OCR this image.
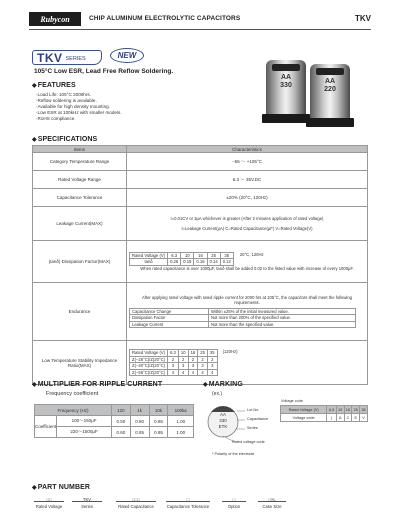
Rubycon	CHIP ALUMINUM ELECTROLYTIC CAPACITORS	TKV
TKV SERIES	NEW
105°C Low ESR, Lead Free Reflow Soldering.
◆FEATURES
·Load Life: 105°C 2000hrs.
·Reflow soldering is available.
·Available for high density mounting.
·Low ESR at 100kHz with smaller models.
·RoHS compliance.
AA
330
AA
220
◆SPECIFICATIONS
Items	Characteristics
Category Temperature Range	−55 ～ +105°C
Rated Voltage Range	6.3 ～ 35V.DC
Capacitance Tolerance	±20% (20°C, 120Hz)
Leakage Current(MAX)	
I=0.01CV or 3μA whichever is greater (After 2 minutes application of rated voltage)
I=Leakage Current(μA) C=Rated Capacitance(μF) V=Rated Voltage(V)

(tanδ) Dissipation Factor(MAX)	
Rated Voltage (V)	6.3	10	16	25	35
tanδ	0.26	0.19	0.16	0.14	0.12
20°C, 120Hz
When rated capacitance is over 1000μF, tanδ shall be added 0.02 to the listed value with increase of every 1000μF.

Endurance	
After applying rated voltage with rated ripple current for 2000 hrs at 105°C, the capacitors shall meet the following requirements.
Capacitance Change	Within ±25% of the initial measured value.
Dissipation Factor	Not more than 200% of the specified value.
Leakage Current	Not more than the specified value.

Low Temperature Stability Impedance Ratio(MAX)	
Rated Voltage (V)	6.3	10	16	25	35
Z(−25°C)/Z(20°C)	2	2	2	2	2
Z(−40°C)/Z(20°C)	3	3	3	3	3
Z(−55°C)/Z(20°C)	4	4	4	4	4
(120Hz)
◆MULTIPLIER FOR RIPPLE CURRENT
Frequency coefficient
Frequency (Hz)		120	1k	10k	100k≤
Coefficient	100～150μF	0.50	0.80	0.95	1.00
	220～1500μF	0.60	0.85	0.95	1.00
◆MARKING
(ex.)
AA
330
ETK
Lot No.
Capacitance
Series
Rated voltage code
* Polarity of the electrode
Voltage code
Rated Voltage (V)	6.3	10	16	25	35
Voltage code	j	A	C	E	V
◆PART NUMBER
□□
Rated Voltage
TKV
Series
□□□
Rated Capacitance
□
Capacitance Tolerance
□
Option
□×L
Case Size
